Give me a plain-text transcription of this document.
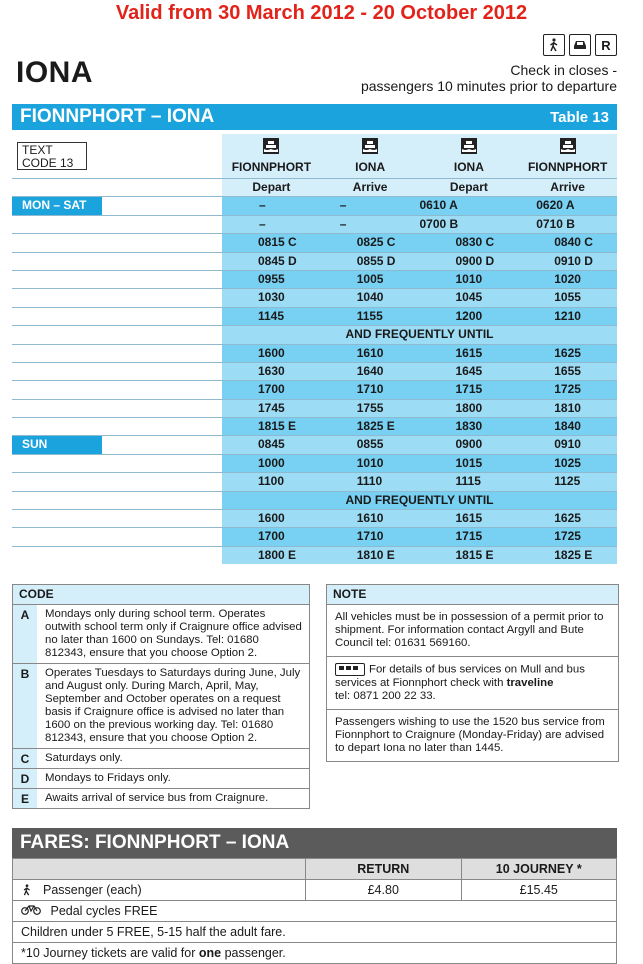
Valid from 30 March 2012 - 20 October 2012
R
IONA	Check in closes -
passengers 10 minutes prior to departure
FIONNPHORT – IONA	Table 13
TEXT
CODE 13	FIONNPHORT	IONA	IONA	FIONNPHORT
Depart	Arrive	Depart	Arrive
MON – SAT	–	–	0610 A	0620 A
–	–	0700 B	0710 B
0815 C	0825 C	0830 C	0840 C
0845 D	0855 D	0900 D	0910 D
0955	1005	1010	1020
1030	1040	1045	1055
1145	1155	1200	1210
AND FREQUENTLY UNTIL
1600	1610	1615	1625
1630	1640	1645	1655
1700	1710	1715	1725
1745	1755	1800	1810
1815 E	1825 E	1830	1840
SUN	0845	0855	0900	0910
1000	1010	1015	1025
1100	1110	1115	1125
AND FREQUENTLY UNTIL
1600	1610	1615	1625
1700	1710	1715	1725
1800 E	1810 E	1815 E	1825 E
CODE
A	Mondays only during school term. Operates outwith school term only if Craignure office advised no later than 1600 on Sundays. Tel: 01680 812343, ensure that you choose Option 2.
B	Operates Tuesdays to Saturdays during June, July and August only. During March, April, May, September and October operates on a request basis if Craignure office is advised no later than 1600 on the previous working day. Tel: 01680 812343, ensure that you choose Option 2.
C	Saturdays only.
D	Mondays to Fridays only.
E	Awaits arrival of service bus from Craignure.
NOTE
All vehicles must be in possession of a permit prior to shipment. For information contact Argyll and Bute Council tel: 01631 569160.
For details of bus services on Mull and bus services at Fionnphort check with traveline
tel: 0871 200 22 33.
Passengers wishing to use the 1520 bus service from Fionnphort to Craignure (Monday-Friday) are advised to depart Iona no later than 1445.
FARES: FIONNPHORT – IONA
RETURN	10 JOURNEY *
Passenger (each)	£4.80	£15.45
Pedal cycles FREE
Children under 5 FREE, 5-15 half the adult fare.
*10 Journey tickets are valid for one passenger.
